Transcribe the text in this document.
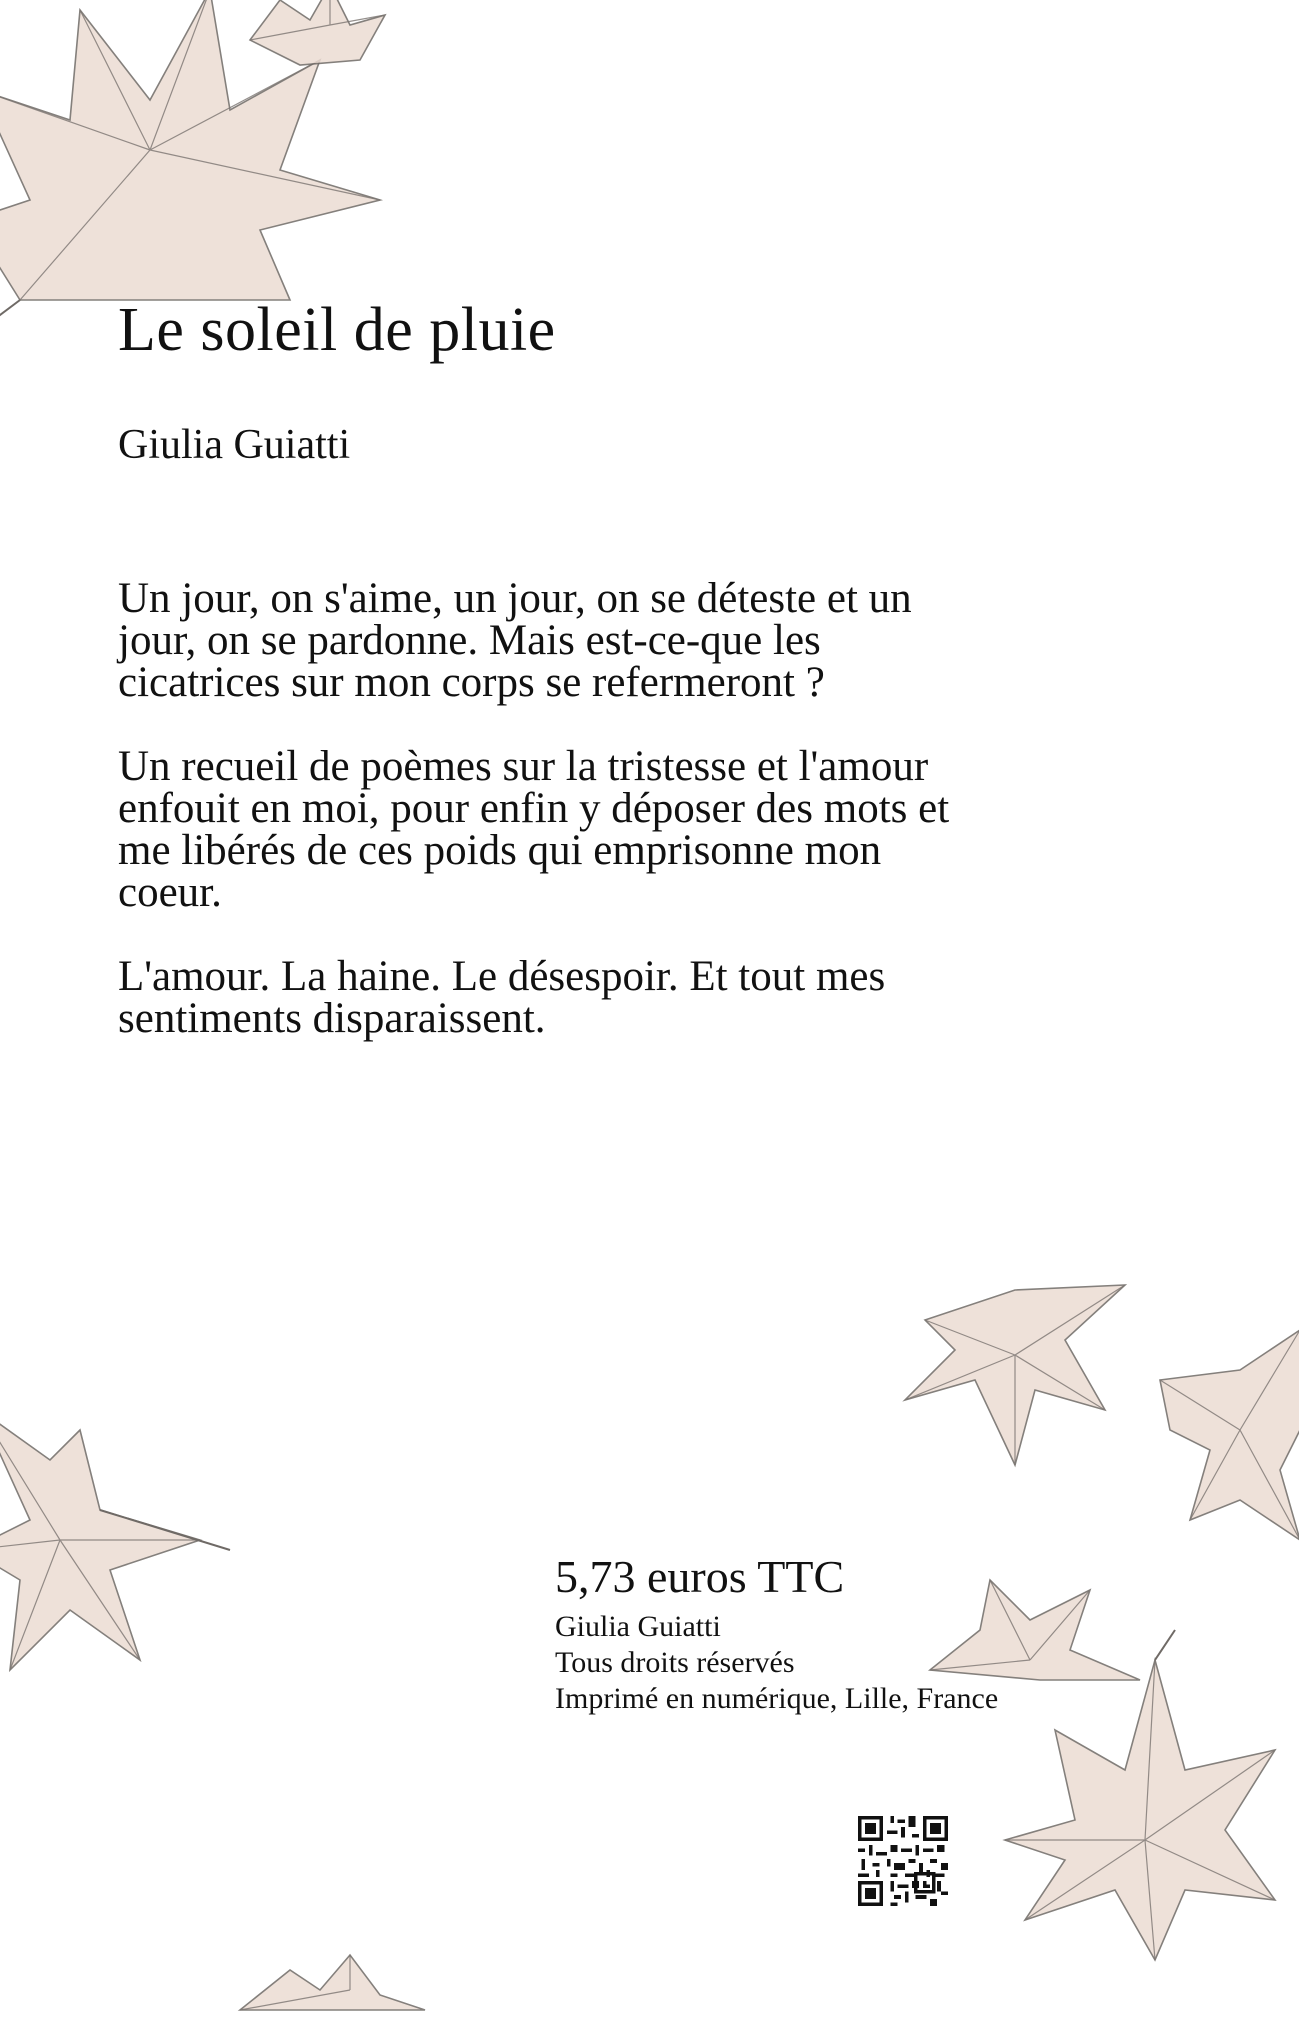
Le soleil de pluie

Giulia Guiatti

Un jour, on s'aime, un jour, on se déteste et un jour, on se pardonne. Mais est-ce-que les cicatrices sur mon corps se refermeront ?

Un recueil de poèmes sur la tristesse et l'amour enfouit en moi, pour enfin y déposer des mots et me libérés de ces poids qui emprisonne mon coeur.

L'amour. La haine. Le désespoir. Et tout mes sentiments disparaissent.

5,73 euros TTC

Giulia Guiatti

Tous droits réservés

Imprimé en numérique, Lille, France
